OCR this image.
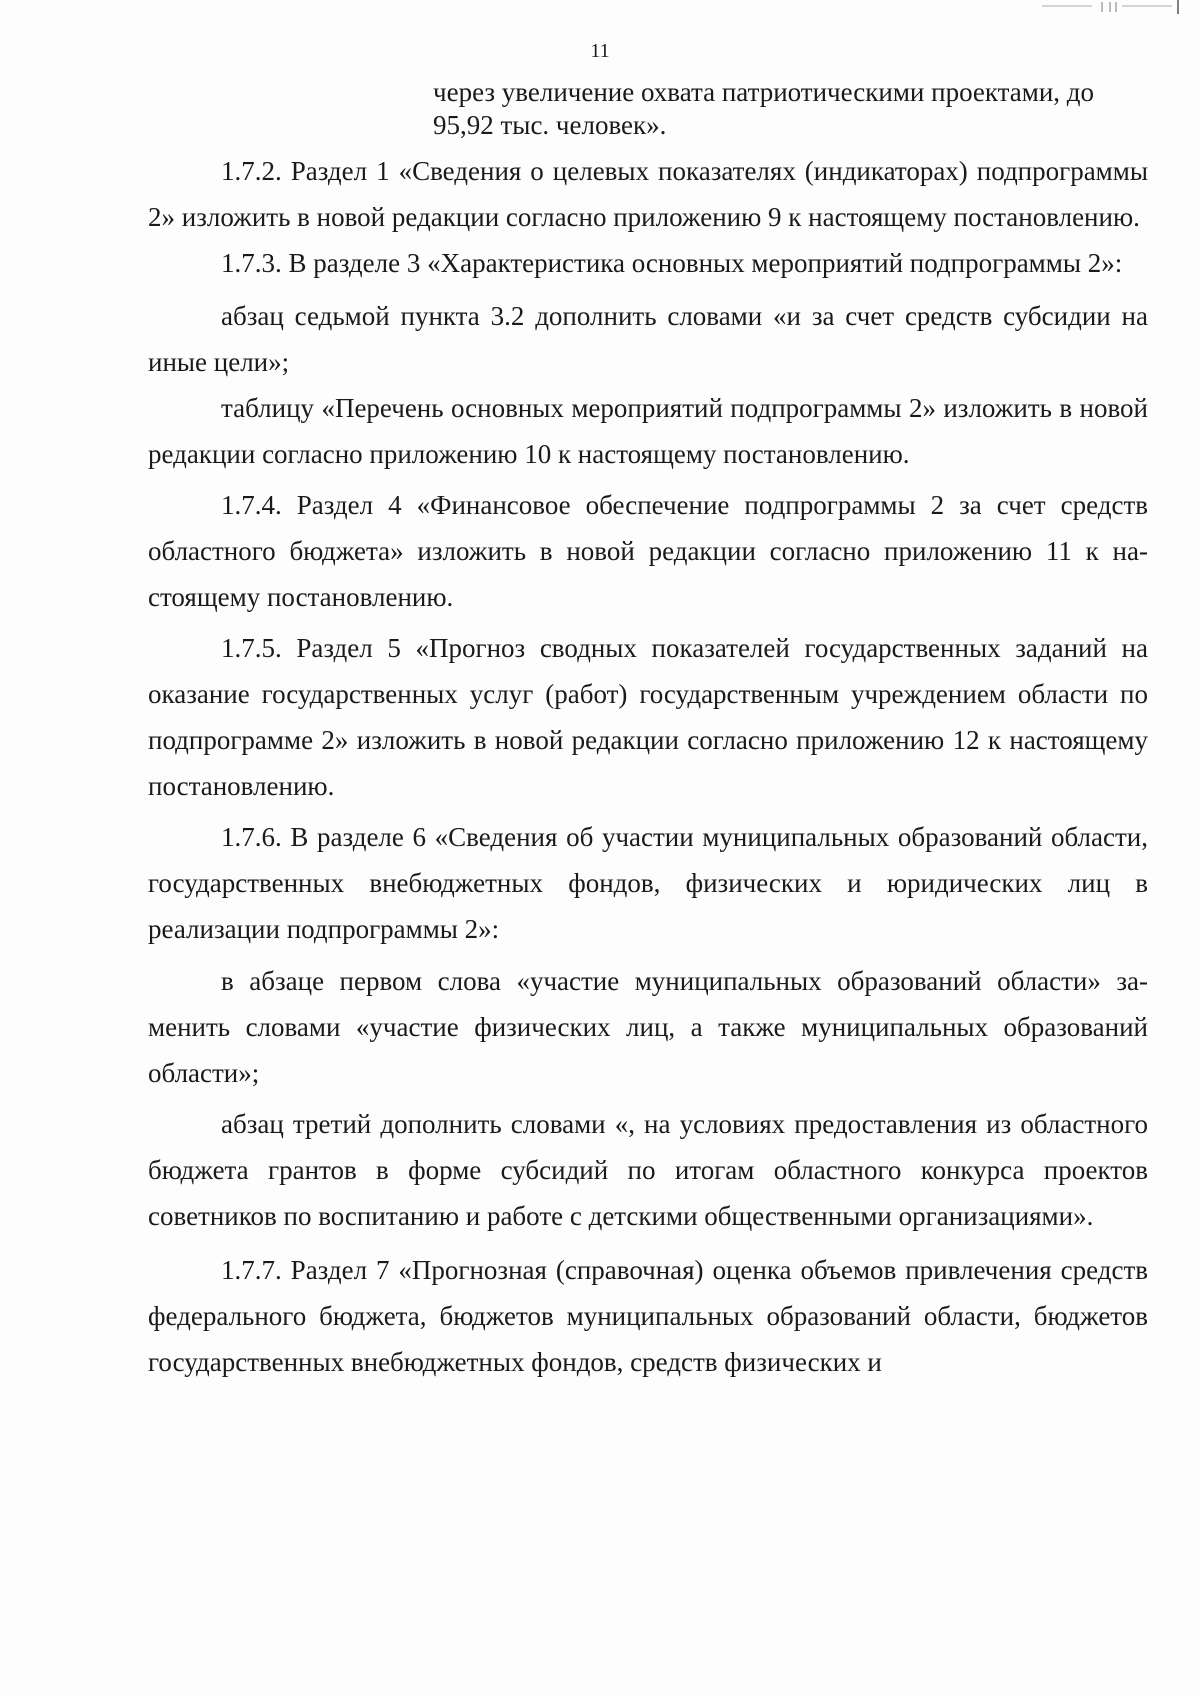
11
через увеличение охвата патриотическими проектами, до 95,92 тыс. человек».

1.7.2. Раздел 1 «Сведения о целевых показателях (индикаторах) подпрограммы 2» изложить в новой редакции согласно приложению 9 к настоящему постановлению.

1.7.3. В разделе 3 «Характеристика основных мероприятий подпрограммы 2»:

абзац седьмой пункта 3.2 дополнить словами «и за счет средств субсидии на иные цели»;

таблицу «Перечень основных мероприятий подпрограммы 2» изложить в новой редакции согласно приложению 10 к настоящему постановлению.

1.7.4. Раздел 4 «Финансовое обеспечение подпрограммы 2 за счет средств областного бюджета» изложить в новой редакции согласно приложению 11 к настоящему постановлению.

1.7.5. Раздел 5 «Прогноз сводных показателей государственных заданий на оказание государственных услуг (работ) государственным учреждением области по подпрограмме 2» изложить в новой редакции согласно приложению 12 к настоящему постановлению.

1.7.6. В разделе 6 «Сведения об участии муниципальных образований области, государственных внебюджетных фондов, физических и юридических лиц в реализации подпрограммы 2»:

в абзаце первом слова «участие муниципальных образований области» заменить словами «участие физических лиц, а также муниципальных образований области»;

абзац третий дополнить словами «, на условиях предоставления из областного бюджета грантов в форме субсидий по итогам областного конкурса проектов советников по воспитанию и работе с детскими общественными организациями».

1.7.7. Раздел 7 «Прогнозная (справочная) оценка объемов привлечения средств федерального бюджета, бюджетов муниципальных образований области, бюджетов государственных внебюджетных фондов, средств физических и
